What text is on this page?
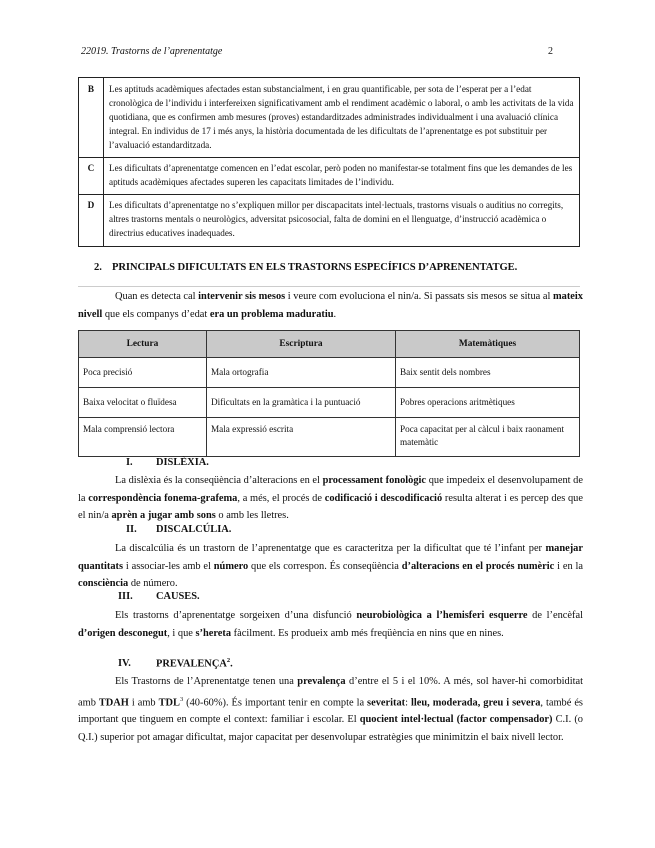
22019. Trastorns de l’aprenentatge	2
B	Les aptituds acadèmiques afectades estan substancialment, i en grau quantificable, per sota de l’esperat per a l’edat cronològica de l’individu i interfereixen significativament amb el rendiment acadèmic o laboral, o amb les activitats de la vida quotidiana, que es confirmen amb mesures (proves) estandarditzades administrades individualment i una avaluació clínica integral. En individus de 17 i més anys, la història documentada de les dificultats de l’aprenentatge es pot substituir per l’avaluació estandarditzada.
C	Les dificultats d’aprenentatge comencen en l’edat escolar, però poden no manifestar-se totalment fins que les demandes de les aptituds acadèmiques afectades superen les capacitats limitades de l’individu.
D	Les dificultats d’aprenentatge no s’expliquen millor per discapacitats intel·lectuals, trastorns visuals o auditius no corregits, altres trastorns mentals o neurològics, adversitat psicosocial, falta de domini en el llenguatge, d’instrucció acadèmica o directrius educatives inadequades.
2. PRINCIPALS DIFICULTATS EN ELS TRASTORNS ESPECÍFICS D’APRENENTATGE.

Quan es detecta cal intervenir sis mesos i veure com evoluciona el nin/a. Si passats sis mesos se situa al mateix nivell que els companys d’edat era un problema maduratiu.

Lectura	Escriptura	Matemàtiques
Poca precisió	Mala ortografia	Baix sentit dels nombres
Baixa velocitat o fluïdesa	Dificultats en la gramàtica i la puntuació	Pobres operacions aritmètiques
Mala comprensió lectora	Mala expressió escrita	Poca capacitat per al càlcul i baix raonament matemàtic
I. DISLÈXIA.

La dislèxia és la conseqüència d’alteracions en el processament fonològic que impedeix el desenvolupament de la correspondència fonema-grafema, a més, el procés de codificació i descodificació resulta alterat i es percep des que el nin/a aprèn a jugar amb sons o amb les lletres.

II. DISCALCÚLIA.

La discalcúlia és un trastorn de l’aprenentatge que es caracteritza per la dificultat que té l’infant per manejar quantitats i associar-les amb el número que els correspon. És conseqüència d’alteracions en el procés numèric i en la consciència de número.

III. CAUSES.

Els trastorns d’aprenentatge sorgeixen d’una disfunció neurobiològica a l’hemisferi esquerre de l’encèfal d’origen desconegut, i que s’hereta fàcilment. Es produeix amb més freqüència en nins que en nines.

IV. PREVALENÇA$^2$.

Els Trastorns de l’Aprenentatge tenen una prevalença d’entre el 5 i el 10%. A més, sol haver-hi comorbiditat amb TDAH i amb TDL$^3$ (40-60%). És important tenir en compte la severitat: lleu, moderada, greu i severa, també és important que tinguem en compte el context: familiar i escolar. El quocient intel·lectual (factor compensador) C.I. (o Q.I.) superior pot amagar dificultat, major capacitat per desenvolupar estratègies que minimitzin el baix nivell lector.
